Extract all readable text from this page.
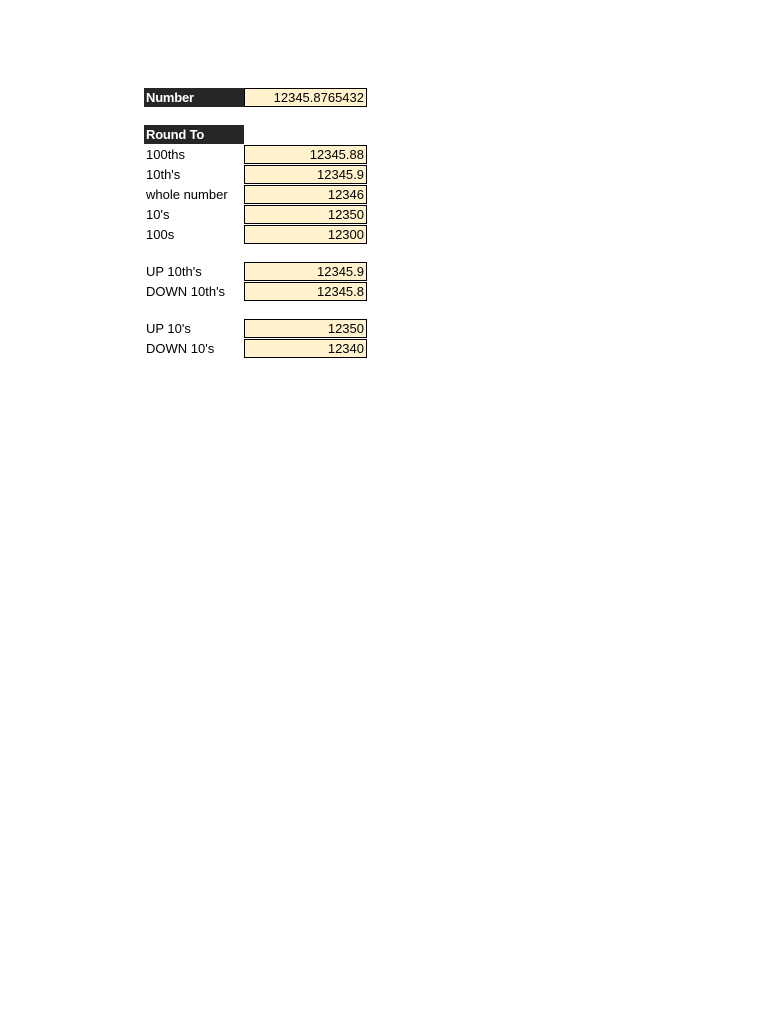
Number	12345.8765432
Round To
100ths	12345.88
10th's	12345.9
whole number	12346
10's	12350
100s	12300
UP 10th's	12345.9
DOWN 10th's	12345.8
UP 10's	12350
DOWN 10's	12340
